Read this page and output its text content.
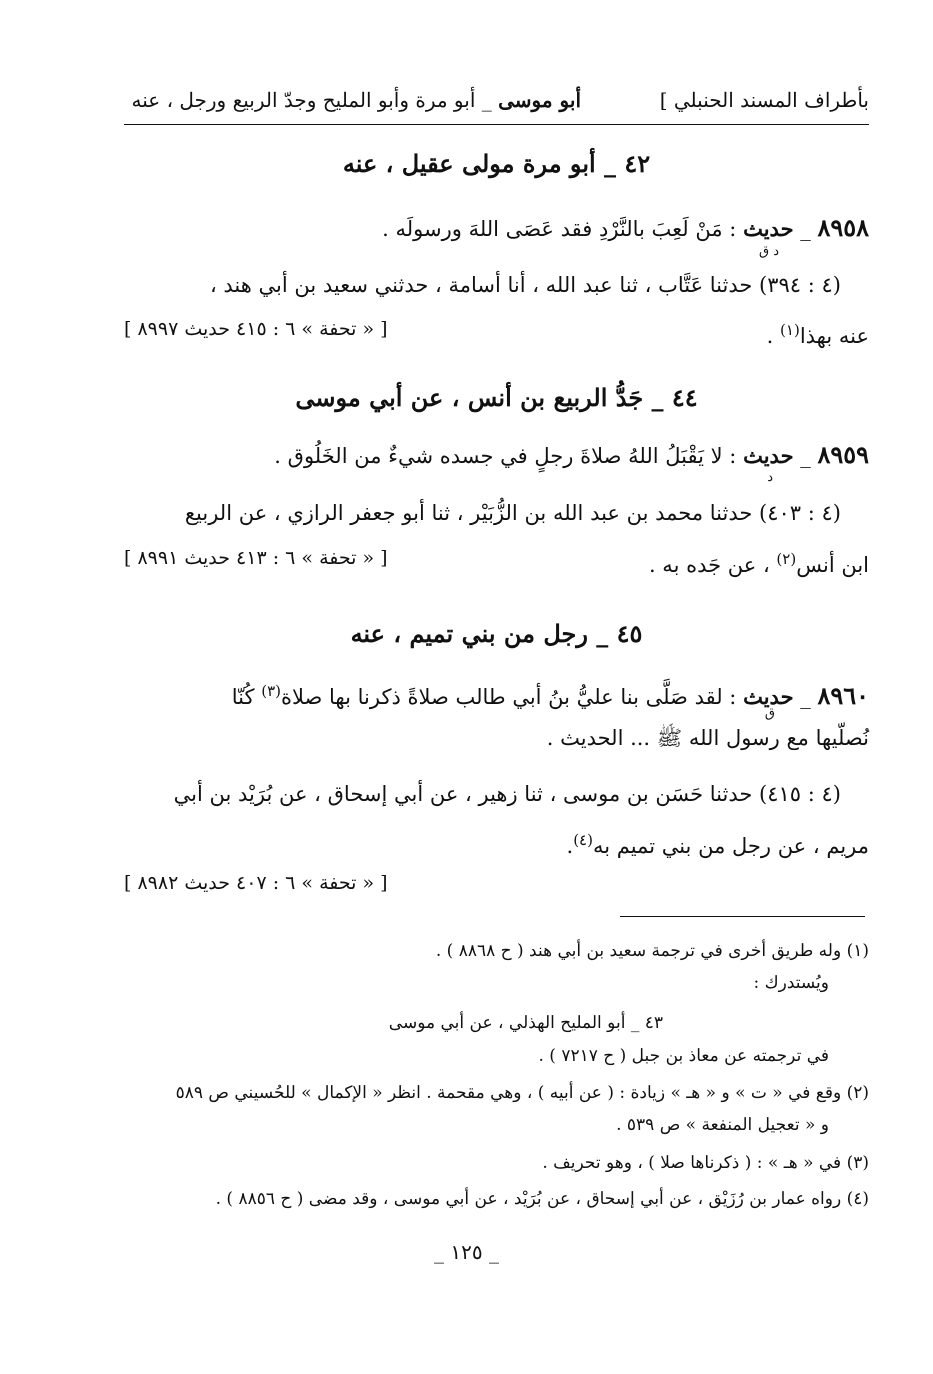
بأطراف المسند الحنبلي ]
أبو موسى _ أبو مرة وأبو المليح وجدّ الربيع ورجل ، عنه
٤٢ _ أبو مرة مولى عقيل ، عنه
٨٩٥٨ _ حديث : مَنْ لَعِبَ بالنَّرْدِ فقد عَصَى اللهَ ورسولَه .
د ق
(٤ : ٣٩٤) حدثنا عَتَّاب ، ثنا عبد الله ، أنا أسامة ، حدثني سعيد بن أبي هند ،
عنه بهذا$^{(١)}$ .
[ « تحفة » ٦ : ٤١٥ حديث ٨٩٩٧ ]
٤٤ _ جَدُّ الربيع بن أنس ، عن أبي موسى
٨٩٥٩ _ حديث : لا يَقْبَلُ اللهُ صلاةَ رجلٍ في جسده شيءٌ من الخَلُوق .
د
(٤ : ٤٠٣) حدثنا محمد بن عبد الله بن الزُّبَيْر ، ثنا أبو جعفر الرازي ، عن الربيع
ابن أنس$^{(٢)}$ ، عن جَده به .
[ « تحفة » ٦ : ٤١٣ حديث ٨٩٩١ ]
٤٥ _ رجل من بني تميم ، عنه
٨٩٦٠ _ حديث : لقد صَلَّى بنا عليُّ بنُ أبي طالب صلاةً ذكرنا بها صلاة$^{(٣)}$ كُنّا
ق
نُصلّيها مع رسول الله ﷺ ... الحديث .
(٤ : ٤١٥) حدثنا حَسَن بن موسى ، ثنا زهير ، عن أبي إسحاق ، عن بُرَيْد بن أبي
مريم ، عن رجل من بني تميم به$^{(٤)}$.
[ « تحفة » ٦ : ٤٠٧ حديث ٨٩٨٢ ]
(١) وله طريق أخرى في ترجمة سعيد بن أبي هند ( ح ٨٨٦٨ ) .
ويُستدرك :
٤٣ _ أبو المليح الهذلي ، عن أبي موسى
في ترجمته عن معاذ بن جبل ( ح ٧٢١٧ ) .
(٢) وقع في « ت » و « هـ » زيادة : ( عن أبيه ) ، وهي مقحمة . انظر « الإكمال » للحُسيني ص ٥٨٩
و « تعجيل المنفعة » ص ٥٣٩ .
(٣) في « هـ » : ( ذكرناها صلا ) ، وهو تحريف .
(٤) رواه عمار بن رُزَيْق ، عن أبي إسحاق ، عن بُرَيْد ، عن أبي موسى ، وقد مضى ( ح ٨٨٥٦ ) .
_ ١٢٥ _
